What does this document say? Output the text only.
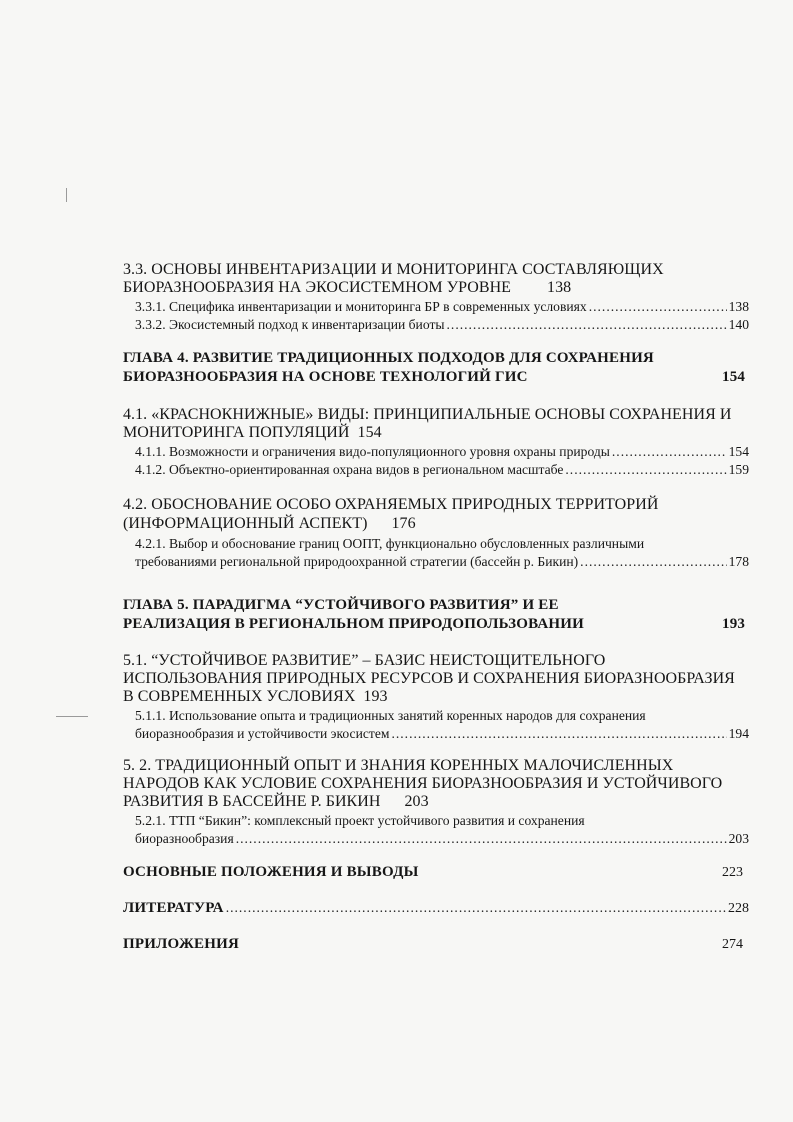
3.3. ОСНОВЫ ИНВЕНТАРИЗАЦИИ И МОНИТОРИНГА СОСТАВЛЯЮЩИХ
БИОРАЗНООБРАЗИЯ НА ЭКОСИСТЕМНОМ УРОВНЕ 138
3.3.1. Специфика инвентаризации и мониторинга БР в современных условиях .....	138
3.3.2. Экосистемный подход к инвентаризации биоты .....	140
ГЛАВА 4. РАЗВИТИЕ ТРАДИЦИОННЫХ ПОДХОДОВ ДЛЯ СОХРАНЕНИЯ
БИОРАЗНООБРАЗИЯ НА ОСНОВЕ ТЕХНОЛОГИЙ ГИС	154
4.1. «КРАСНОКНИЖНЫЕ» ВИДЫ: ПРИНЦИПИАЛЬНЫЕ ОСНОВЫ СОХРАНЕНИЯ И
МОНИТОРИНГА ПОПУЛЯЦИЙ 154
4.1.1. Возможности и ограничения видо-популяционного уровня охраны природы .....	154
4.1.2. Объектно-ориентированная охрана видов в региональном масштабе .....	159
4.2. ОБОСНОВАНИЕ ОСОБО ОХРАНЯЕМЫХ ПРИРОДНЫХ ТЕРРИТОРИЙ
(ИНФОРМАЦИОННЫЙ АСПЕКТ) 176
4.2.1. Выбор и обоснование границ ООПТ, функционально обусловленных различными
требованиями региональной природоохранной стратегии (бассейн р. Бикин) .....	178
ГЛАВА 5. ПАРАДИГМА “УСТОЙЧИВОГО РАЗВИТИЯ” И ЕЕ
РЕАЛИЗАЦИЯ В РЕГИОНАЛЬНОМ ПРИРОДОПОЛЬЗОВАНИИ	193
5.1. “УСТОЙЧИВОЕ РАЗВИТИЕ” – БАЗИС НЕИСТОЩИТЕЛЬНОГО
ИСПОЛЬЗОВАНИЯ ПРИРОДНЫХ РЕСУРСОВ И СОХРАНЕНИЯ БИОРАЗНООБРАЗИЯ
В СОВРЕМЕННЫХ УСЛОВИЯХ 193
5.1.1. Использование опыта и традиционных занятий коренных народов для сохранения
биоразнообразия и устойчивости экосистем .....	194
5. 2. ТРАДИЦИОННЫЙ ОПЫТ И ЗНАНИЯ КОРЕННЫХ МАЛОЧИСЛЕННЫХ
НАРОДОВ КАК УСЛОВИЕ СОХРАНЕНИЯ БИОРАЗНООБРАЗИЯ И УСТОЙЧИВОГО
РАЗВИТИЯ В БАССЕЙНЕ Р. БИКИН 203
5.2.1. ТТП “Бикин”: комплексный проект устойчивого развития и сохранения
биоразнообразия .....	203
ОСНОВНЫЕ ПОЛОЖЕНИЯ И ВЫВОДЫ	223
ЛИТЕРАТУРА .....	228
ПРИЛОЖЕНИЯ	274
